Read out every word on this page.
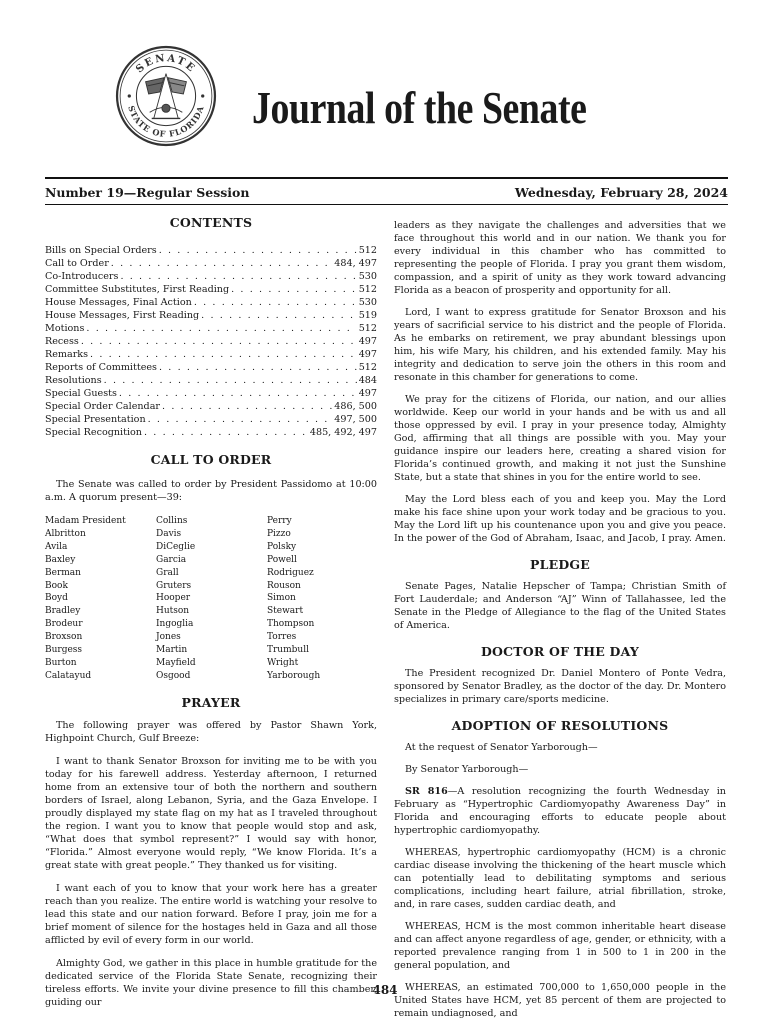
SENATE
STATE OF FLORIDA Journal of the Senate
Number 19—Regular Session	Wednesday, February 28, 2024
CONTENTS
Bills on Special Orders . . .	512
Call to Order . . .	484, 497
Co-Introducers . . .	530
Committee Substitutes, First Reading . . .	512
House Messages, Final Action . . .	530
House Messages, First Reading . . .	519
Motions . . .	512
Recess . . .	497
Remarks . . .	497
Reports of Committees . . .	512
Resolutions . . .	484
Special Guests . . .	497
Special Order Calendar . . .	486, 500
Special Presentation . . .	497, 500
Special Recognition . . .	485, 492, 497
CALL TO ORDER

The Senate was called to order by President Passidomo at 10:00 a.m. A quorum present—39:

Madam President	Collins	Perry
Albritton	Davis	Pizzo
Avila	DiCeglie	Polsky
Baxley	Garcia	Powell
Berman	Grall	Rodriguez
Book	Gruters	Rouson
Boyd	Hooper	Simon
Bradley	Hutson	Stewart
Brodeur	Ingoglia	Thompson
Broxson	Jones	Torres
Burgess	Martin	Trumbull
Burton	Mayfield	Wright
Calatayud	Osgood	Yarborough
PRAYER

The following prayer was offered by Pastor Shawn York, Highpoint Church, Gulf Breeze:

I want to thank Senator Broxson for inviting me to be with you today for his farewell address. Yesterday afternoon, I returned home from an extensive tour of both the northern and southern borders of Israel, along Lebanon, Syria, and the Gaza Envelope. I proudly displayed my state flag on my hat as I traveled throughout the region. I want you to know that people would stop and ask, “What does that symbol represent?” I would say with honor, “Florida.” Almost everyone would reply, “We know Florida. It’s a great state with great people.” They thanked us for visiting.

I want each of you to know that your work here has a greater reach than you realize. The entire world is watching your resolve to lead this state and our nation forward. Before I pray, join me for a brief moment of silence for the hostages held in Gaza and all those afflicted by evil of every form in our world.

Almighty God, we gather in this place in humble gratitude for the dedicated service of the Florida State Senate, recognizing their tireless efforts. We invite your divine presence to fill this chamber, guiding our

leaders as they navigate the challenges and adversities that we face throughout this world and in our nation. We thank you for every individual in this chamber who has committed to representing the people of Florida. I pray you grant them wisdom, compassion, and a spirit of unity as they work toward advancing Florida as a beacon of prosperity and opportunity for all.

Lord, I want to express gratitude for Senator Broxson and his years of sacrificial service to his district and the people of Florida. As he embarks on retirement, we pray abundant blessings upon him, his wife Mary, his children, and his extended family. May his integrity and dedication to serve join the others in this room and resonate in this chamber for generations to come.

We pray for the citizens of Florida, our nation, and our allies worldwide. Keep our world in your hands and be with us and all those oppressed by evil. I pray in your presence today, Almighty God, affirming that all things are possible with you. May your guidance inspire our leaders here, creating a shared vision for Florida’s continued growth, and making it not just the Sunshine State, but a state that shines in you for the entire world to see.

May the Lord bless each of you and keep you. May the Lord make his face shine upon your work today and be gracious to you. May the Lord lift up his countenance upon you and give you peace. In the power of the God of Abraham, Isaac, and Jacob, I pray. Amen.

PLEDGE

Senate Pages, Natalie Hepscher of Tampa; Christian Smith of Fort Lauderdale; and Anderson “AJ” Winn of Tallahassee, led the Senate in the Pledge of Allegiance to the flag of the United States of America.

DOCTOR OF THE DAY

The President recognized Dr. Daniel Montero of Ponte Vedra, sponsored by Senator Bradley, as the doctor of the day. Dr. Montero specializes in primary care/sports medicine.

ADOPTION OF RESOLUTIONS

At the request of Senator Yarborough—

By Senator Yarborough—

SR 816—A resolution recognizing the fourth Wednesday in February as “Hypertrophic Cardiomyopathy Awareness Day” in Florida and encouraging efforts to educate people about hypertrophic cardiomyopathy.

WHEREAS, hypertrophic cardiomyopathy (HCM) is a chronic cardiac disease involving the thickening of the heart muscle which can potentially lead to debilitating symptoms and serious complications, including heart failure, atrial fibrillation, stroke, and, in rare cases, sudden cardiac death, and

WHEREAS, HCM is the most common inheritable heart disease and can affect anyone regardless of age, gender, or ethnicity, with a reported prevalence ranging from 1 in 500 to 1 in 200 in the general population, and

WHEREAS, an estimated 700,000 to 1,650,000 people in the United States have HCM, yet 85 percent of them are projected to remain undiagnosed, and

484
